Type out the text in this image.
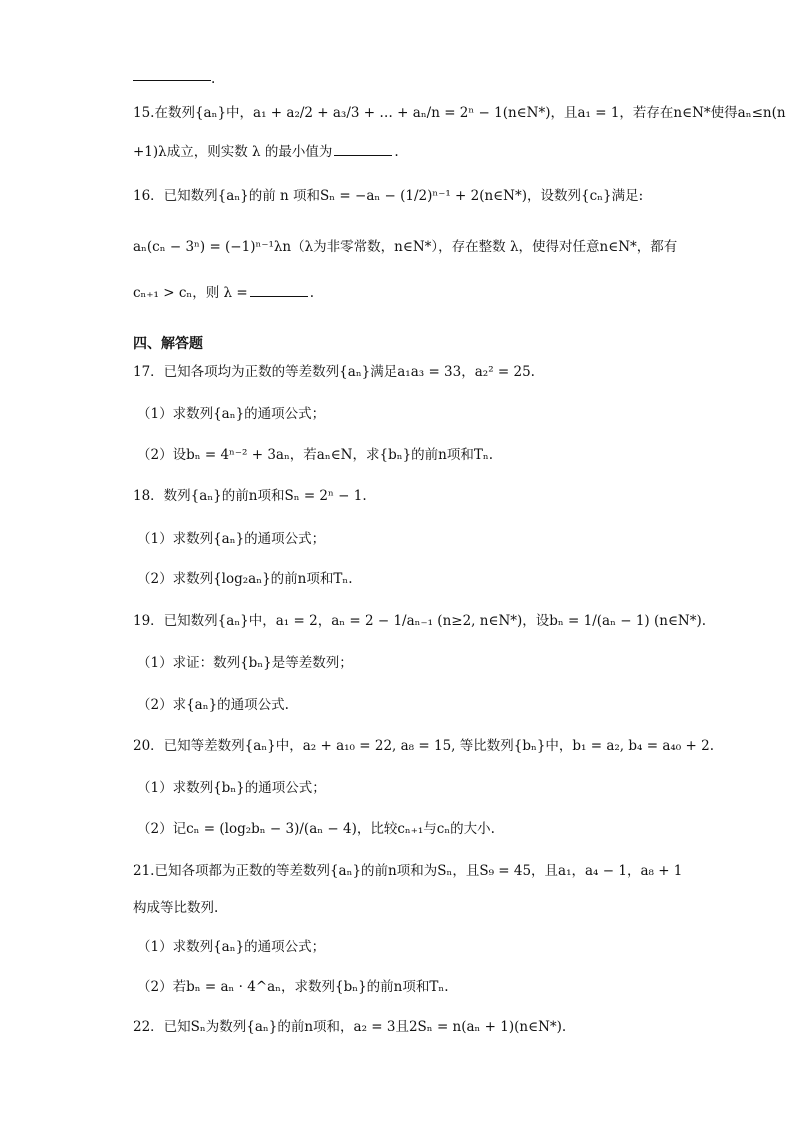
.
15.在数列{aₙ}中，a₁ + a₂/2 + a₃/3 + … + aₙ/n = 2ⁿ − 1(n∈N*)，且a₁ = 1，若存在n∈N*使得aₙ≤n(n
+1)λ成立，则实数 λ 的最小值为	.
16．已知数列{aₙ}的前 n 项和Sₙ = −aₙ − (1/2)ⁿ⁻¹ + 2(n∈N*)，设数列{cₙ}满足:
aₙ(cₙ − 3ⁿ) = (−1)ⁿ⁻¹λn（λ为非零常数，n∈N*），存在整数 λ，使得对任意n∈N*，都有
cₙ₊₁ > cₙ，则 λ =	.
四、解答题
17．已知各项均为正数的等差数列{aₙ}满足a₁a₃ = 33，a₂² = 25.
（1）求数列{aₙ}的通项公式；
（2）设bₙ = 4ⁿ⁻² + 3aₙ，若aₙ∈N，求{bₙ}的前n项和Tₙ.
18．数列{aₙ}的前n项和Sₙ = 2ⁿ − 1.
（1）求数列{aₙ}的通项公式；
（2）求数列{log₂aₙ}的前n项和Tₙ.
19．已知数列{aₙ}中，a₁ = 2，aₙ = 2 − 1/aₙ₋₁ (n≥2, n∈N*)，设bₙ = 1/(aₙ − 1) (n∈N*).
（1）求证：数列{bₙ}是等差数列；
（2）求{aₙ}的通项公式.
20．已知等差数列{aₙ}中，a₂ + a₁₀ = 22, a₈ = 15, 等比数列{bₙ}中，b₁ = a₂, b₄ = a₄₀ + 2.
（1）求数列{bₙ}的通项公式；
（2）记cₙ = (log₂bₙ − 3)/(aₙ − 4)，比较cₙ₊₁与cₙ的大小.
21.已知各项都为正数的等差数列{aₙ}的前n项和为Sₙ，且S₉ = 45，且a₁，a₄ − 1，a₈ + 1
构成等比数列.
（1）求数列{aₙ}的通项公式；
（2）若bₙ = aₙ · 4^aₙ，求数列{bₙ}的前n项和Tₙ.
22．已知Sₙ为数列{aₙ}的前n项和，a₂ = 3且2Sₙ = n(aₙ + 1)(n∈N*).
